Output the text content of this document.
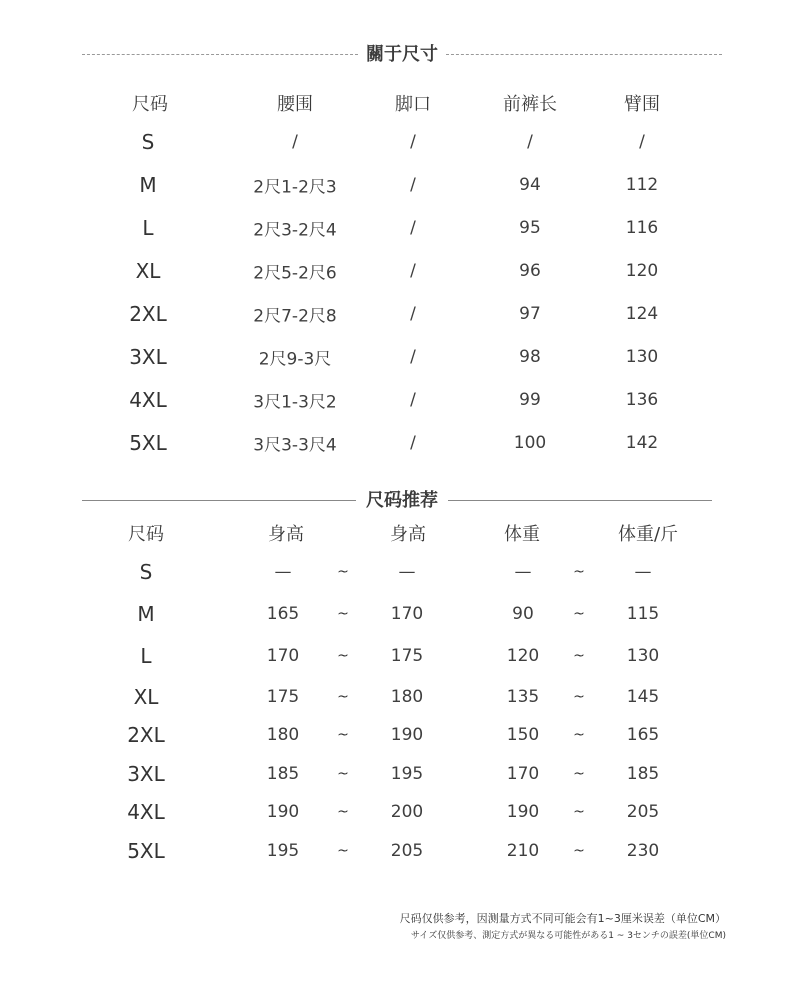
關于尺寸
尺码	腰围	脚口	前裤长	臂围
S	/	/	/	/
M	2尺1-2尺3	/	94	112
L	2尺3-2尺4	/	95	116
XL	2尺5-2尺6	/	96	120
2XL	2尺7-2尺8	/	97	124
3XL	2尺9-3尺	/	98	130
4XL	3尺1-3尺2	/	99	136
5XL	3尺3-3尺4	/	100	142
尺码推荐
尺码	身高	身高	体重	体重/斤
S	—	~	—	—	~	—
M	165	~ 170	90	~ 115
L	170	~ 175	120 ~ 130
XL	175	~ 180	135 ~ 145
2XL	180	~ 190	150 ~ 165
3XL	185	~ 195	170 ~ 185
4XL	190	~ 200	190 ~ 205
5XL	195	~ 205	210 ~ 230
尺码仅供参考，因测量方式不同可能会有1~3厘米误差（单位CM）
サイズ仅供参考、測定方式が異なる可能性がある1 ~ 3センチの誤差(単位CM)
